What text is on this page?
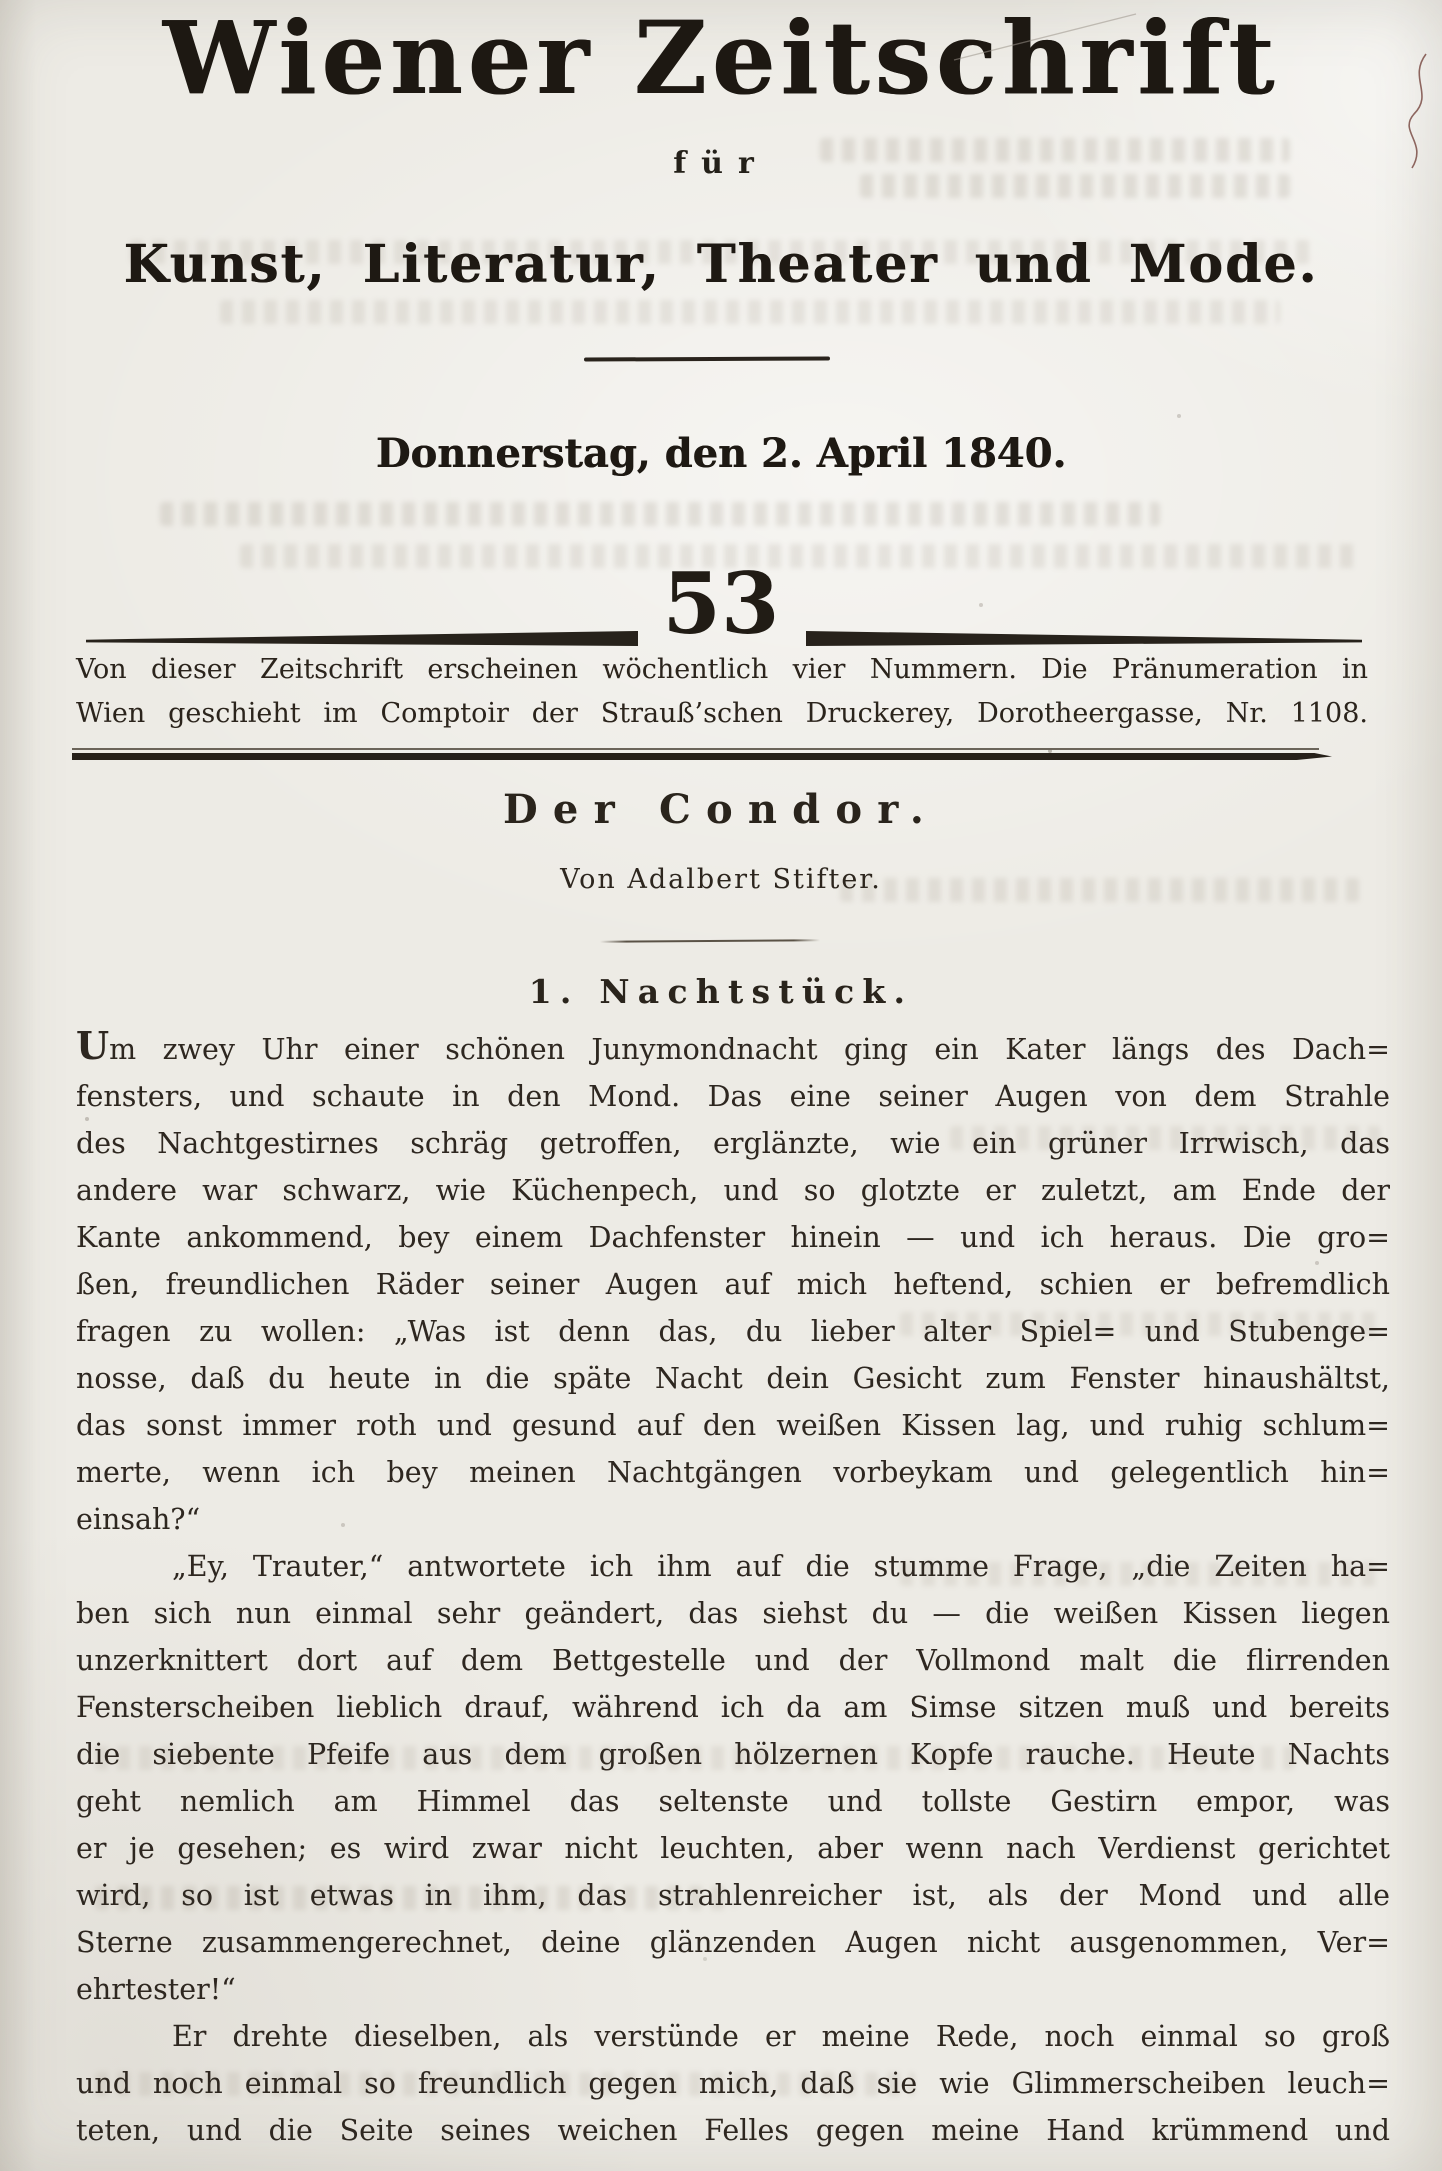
Wiener Zeitschrift
für
Kunst, Literatur, Theater und Mode.
Donnerstag, den 2. April 1840.
53
Von dieser Zeitschrift erscheinen wöchentlich vier Nummern. Die Pränumeration in
Wien geschieht im Comptoir der Strauß’schen Druckerey, Dorotheergasse, Nr. 1108.
Der Condor.
Von Adalbert Stifter.
1. Nachtstück.
Um zwey Uhr einer schönen Junymondnacht ging ein Kater längs des Dach=
fensters, und schaute in den Mond. Das eine seiner Augen von dem Strahle
des Nachtgestirnes schräg getroffen, erglänzte, wie ein grüner Irrwisch, das
andere war schwarz, wie Küchenpech, und so glotzte er zuletzt, am Ende der
Kante ankommend, bey einem Dachfenster hinein — und ich heraus. Die gro=
ßen, freundlichen Räder seiner Augen auf mich heftend, schien er befremdlich
fragen zu wollen: „Was ist denn das, du lieber alter Spiel= und Stubenge=
nosse, daß du heute in die späte Nacht dein Gesicht zum Fenster hinaushältst,
das sonst immer roth und gesund auf den weißen Kissen lag, und ruhig schlum=
merte, wenn ich bey meinen Nachtgängen vorbeykam und gelegentlich hin=
einsah?“
„Ey, Trauter,“ antwortete ich ihm auf die stumme Frage, „die Zeiten ha=
ben sich nun einmal sehr geändert, das siehst du — die weißen Kissen liegen
unzerknittert dort auf dem Bettgestelle und der Vollmond malt die flirrenden
Fensterscheiben lieblich drauf, während ich da am Simse sitzen muß und bereits
die siebente Pfeife aus dem großen hölzernen Kopfe rauche. Heute Nachts
geht nemlich am Himmel das seltenste und tollste Gestirn empor, was
er je gesehen; es wird zwar nicht leuchten, aber wenn nach Verdienst gerichtet
wird, so ist etwas in ihm, das strahlenreicher ist, als der Mond und alle
Sterne zusammengerechnet, deine glänzenden Augen nicht ausgenommen, Ver=
ehrtester!“
Er drehte dieselben, als verstünde er meine Rede, noch einmal so groß
und noch einmal so freundlich gegen mich, daß sie wie Glimmerscheiben leuch=
teten, und die Seite seines weichen Felles gegen meine Hand krümmend und
